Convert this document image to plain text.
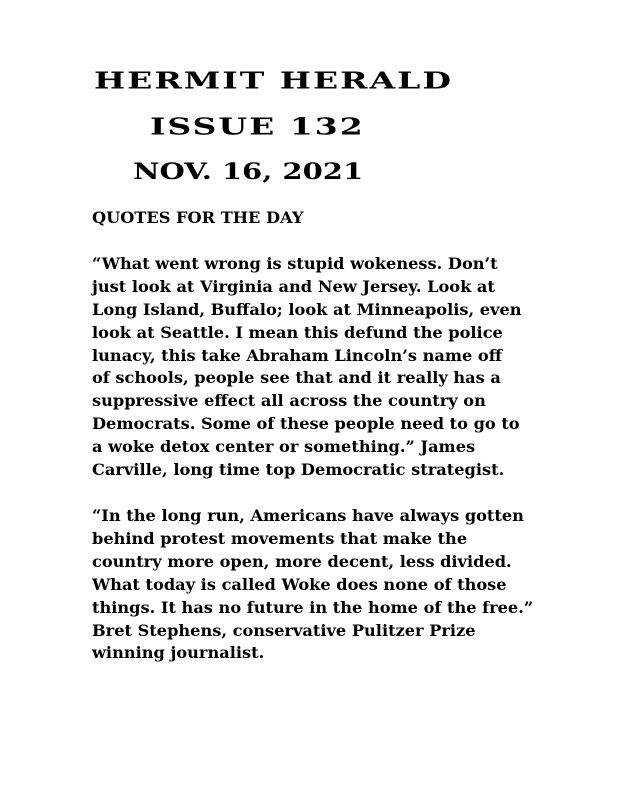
HERMIT HERALD
ISSUE 132
NOV. 16, 2021
QUOTES FOR THE DAY
“What went wrong is stupid wokeness. Don’t
just look at Virginia and New Jersey. Look at
Long Island, Buffalo; look at Minneapolis, even
look at Seattle. I mean this defund the police
lunacy, this take Abraham Lincoln’s name off
of schools, people see that and it really has a
suppressive effect all across the country on
Democrats. Some of these people need to go to
a woke detox center or something.” James
Carville, long time top Democratic strategist.
“In the long run, Americans have always gotten
behind protest movements that make the
country more open, more decent, less divided.
What today is called Woke does none of those
things. It has no future in the home of the free.”
Bret Stephens, conservative Pulitzer Prize
winning journalist.
